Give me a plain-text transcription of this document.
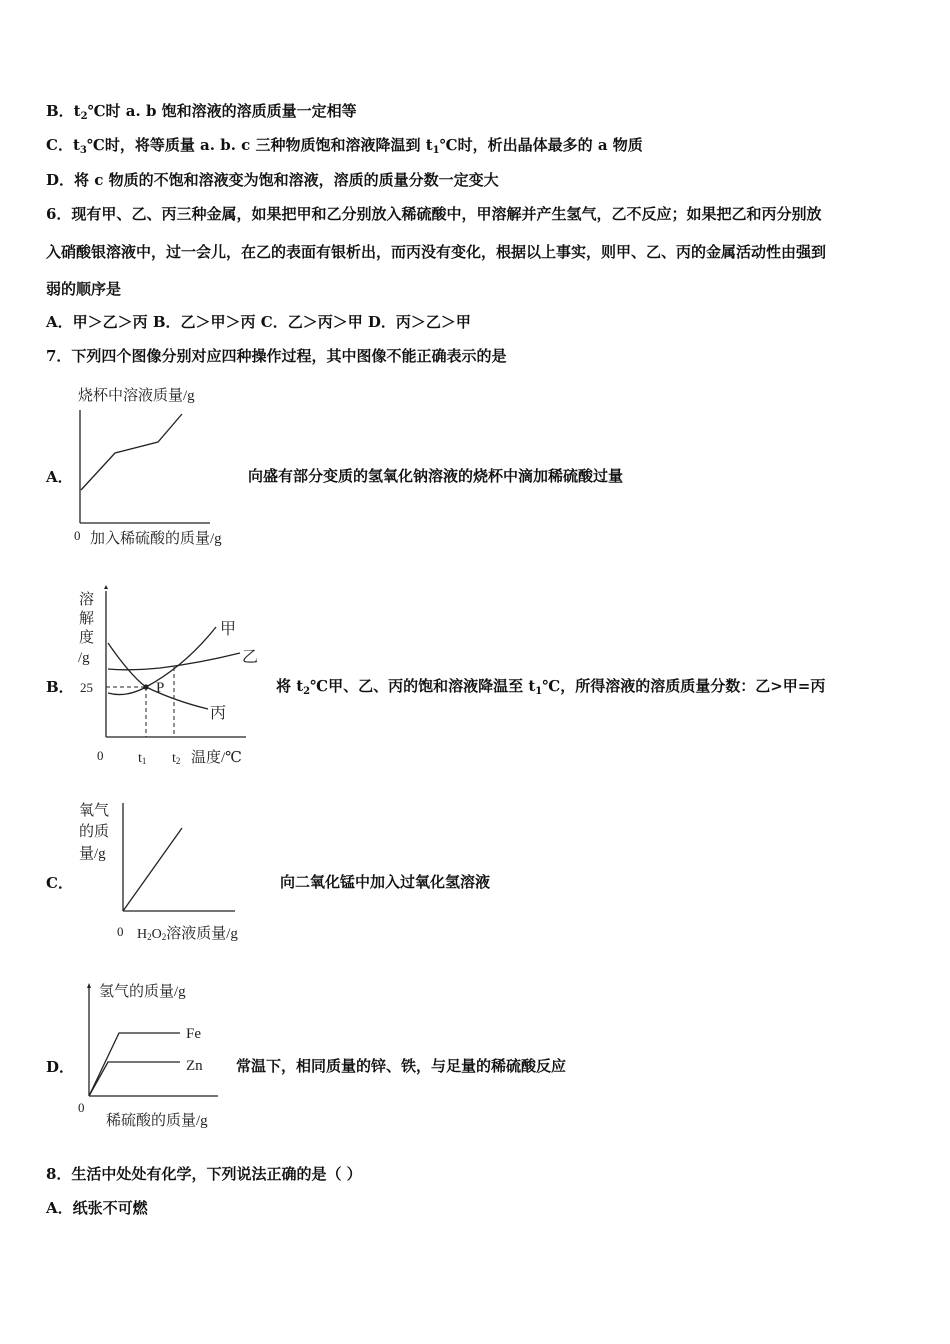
B．$t_2℃$时 a. b 饱和溶液的溶质质量一定相等
C．$t_3℃$时，将等质量 a. b. c 三种物质饱和溶液降温到 $t_1℃$时，析出晶体最多的 a 物质
D．将 c 物质的不饱和溶液变为饱和溶液，溶质的质量分数一定变大
6．现有甲、乙、丙三种金属，如果把甲和乙分别放入稀硫酸中，甲溶解并产生氢气，乙不反应；如果把乙和丙分别放
入硝酸银溶液中，过一会儿，在乙的表面有银析出，而丙没有变化，根据以上事实，则甲、乙、丙的金属活动性由强到
弱的顺序是
A．甲＞乙＞丙 B．乙＞甲＞丙 C．乙＞丙＞甲 D．丙＞乙＞甲
7．下列四个图像分别对应四种操作过程，其中图像不能正确表示的是
A．
烧杯中溶液质量/g
0 加入稀硫酸的质量/g
向盛有部分变质的氢氧化钠溶液的烧杯中滴加稀硫酸过量
B．
溶
解
度
/g
25	P
甲
乙
丙
0 t1 t2 温度/℃
将 $t_2℃$甲、乙、丙的饱和溶液降温至 $t_1℃$，所得溶液的溶质质量分数：乙>甲=丙
C．
氧气
的质
量/g
0 H2O2溶液质量/g
向二氧化锰中加入过氧化氢溶液
D．
氢气的质量/g
Fe
Zn
0
稀硫酸的质量/g
常温下，相同质量的锌、铁，与足量的稀硫酸反应
8．生活中处处有化学，下列说法正确的是（ ）
A．纸张不可燃
